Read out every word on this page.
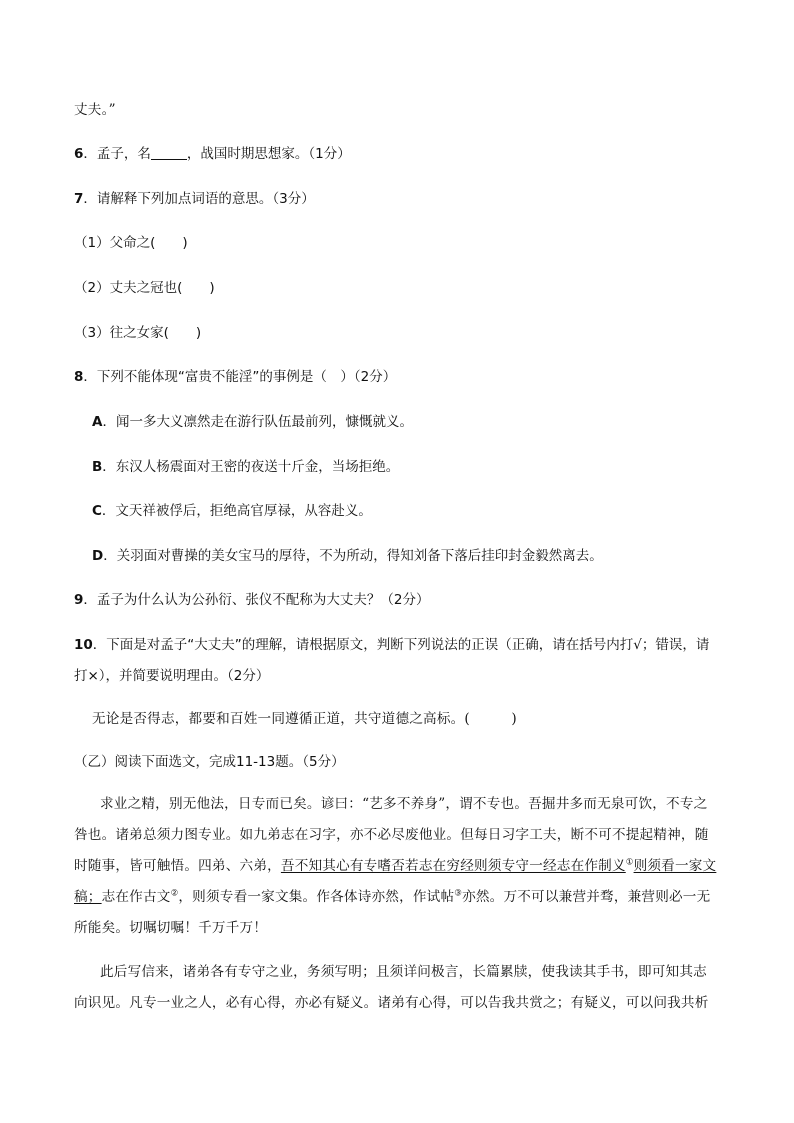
丈夫。”
6．孟子，名	，战国时期思想家。（1分）
7．请解释下列加点词语的意思。（3分）
（1）父命之(　　)
（2）丈夫之冠也(　　)
（3）往之女家(　　)
8．下列不能体现“富贵不能淫”的事例是（　）（2分）
A．闻一多大义凛然走在游行队伍最前列，慷慨就义。
B．东汉人杨震面对王密的夜送十斤金，当场拒绝。
C．文天祥被俘后，拒绝高官厚禄，从容赴义。
D．关羽面对曹操的美女宝马的厚待，不为所动，得知刘备下落后挂印封金毅然离去。
9．孟子为什么认为公孙衍、张仪不配称为大丈夫？（2分）
10．下面是对孟子“大丈夫”的理解，请根据原文，判断下列说法的正误（正确，请在括号内打√；错误，请
打×），并简要说明理由。（2分）
无论是否得志，都要和百姓一同遵循正道，共守道德之高标。(　　　)
（乙）阅读下面选文，完成11-13题。（5分）
求业之精，别无他法，日专而已矣。谚曰：“艺多不养身”，谓不专也。吾掘井多而无泉可饮，不专之
咎也。诸弟总须力图专业。如九弟志在习字，亦不必尽废他业。但每日习字工夫，断不可不提起精神，随
时随事，皆可触悟。四弟、六弟，吾不知其心有专嗜否若志在穷经则须专守一经志在作制义①则须看一家文
稿；志在作古文②，则须专看一家文集。作各体诗亦然，作试帖③亦然。万不可以兼营并骛，兼营则必一无
所能矣。切嘱切嘱！千万千万！
此后写信来，诸弟各有专守之业，务须写明；且须详问极言，长篇累牍，使我读其手书，即可知其志
向识见。凡专一业之人，必有心得，亦必有疑义。诸弟有心得，可以告我共赏之；有疑义，可以问我共析
